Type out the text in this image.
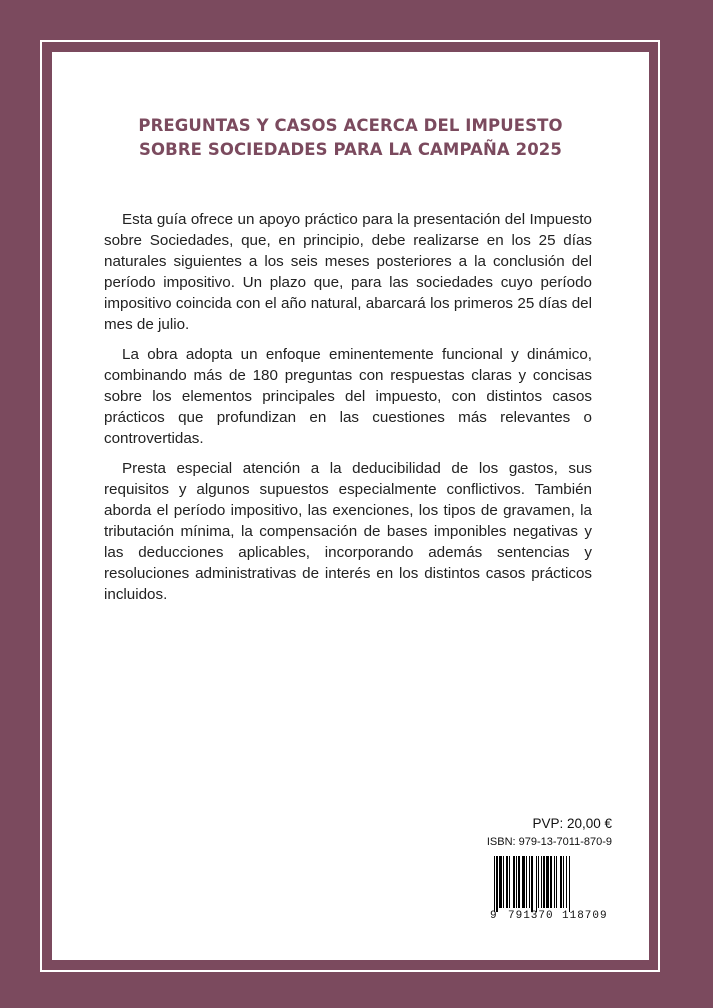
PREGUNTAS Y CASOS ACERCA DEL IMPUESTO
SOBRE SOCIEDADES PARA LA CAMPAÑA 2025

Esta guía ofrece un apoyo práctico para la presentación del Impuesto sobre Sociedades, que, en principio, debe realizarse en los 25 días naturales siguientes a los seis meses posteriores a la conclusión del período impositivo. Un plazo que, para las sociedades cuyo período impositivo coincida con el año natural, abarcará los primeros 25 días del mes de julio.

La obra adopta un enfoque eminentemente funcional y dinámico, combinando más de 180 preguntas con respuestas claras y concisas sobre los elementos principales del impuesto, con distintos casos prácticos que profundizan en las cuestiones más relevantes o controvertidas.

Presta especial atención a la deducibilidad de los gastos, sus requisitos y algunos supuestos especialmente conflictivos. También aborda el período impositivo, las exenciones, los tipos de gravamen, la tributación mínima, la compensación de bases imponibles negativas y las deducciones aplicables, incorporando además sentencias y resoluciones administrativas de interés en los distintos casos prácticos incluidos.

PVP: 20,00 €
ISBN: 979-13-7011-870-9
9 791370 118709
